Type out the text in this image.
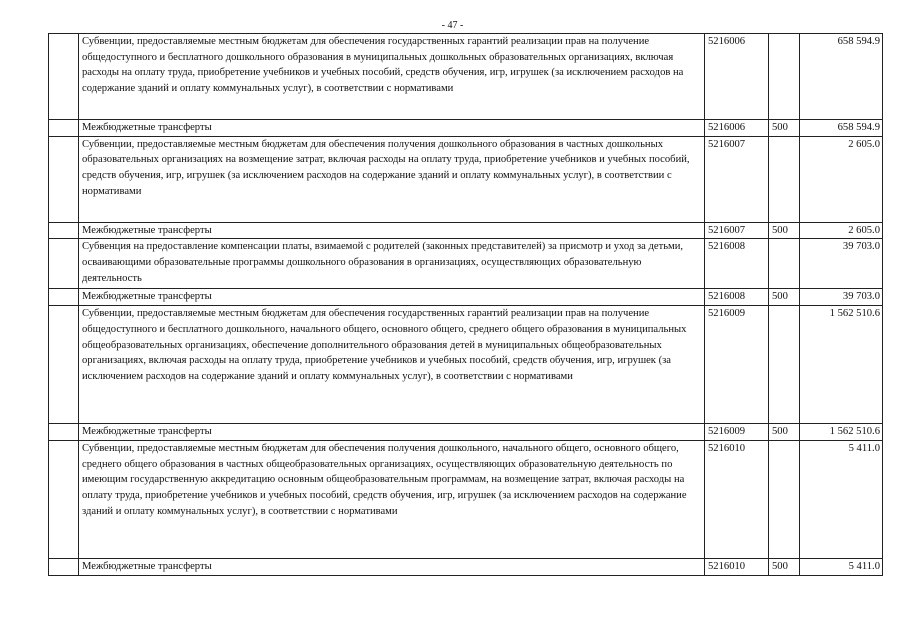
- 47 -

	Субвенции, предоставляемые местным бюджетам для обеспечения государственных гарантий реализации прав на получение общедоступного и бесплатного дошкольного образования в муниципальных дошкольных образовательных организациях, включая расходы на оплату труда, приобретение учебников и учебных пособий, средств обучения, игр, игрушек (за исключением расходов на содержание зданий и оплату коммунальных услуг), в соответствии с нормативами	5216006		658 594.9

	Межбюджетные трансферты	5216006	500	658 594.9

	Субвенции, предоставляемые местным бюджетам для обеспечения получения дошкольного образования в частных дошкольных образовательных организациях на возмещение затрат, включая расходы на оплату труда, приобретение учебников и учебных пособий, средств обучения, игр, игрушек (за исключением расходов на содержание зданий и оплату коммунальных услуг), в соответствии с нормативами	5216007		2 605.0

	Межбюджетные трансферты	5216007	500	2 605.0

	Субвенция на предоставление компенсации платы, взимаемой с родителей (законных представителей) за присмотр и уход за детьми, осваивающими образовательные программы дошкольного образования в организациях, осуществляющих образовательную деятельность	5216008		39 703.0

	Межбюджетные трансферты	5216008	500	39 703.0

	Субвенции, предоставляемые местным бюджетам для обеспечения государственных гарантий реализации прав на получение общедоступного и бесплатного дошкольного, начального общего, основного общего, среднего общего образования в муниципальных общеобразовательных организациях, обеспечение дополнительного образования детей в муниципальных общеобразовательных организациях, включая расходы на оплату труда, приобретение учебников и учебных пособий, средств обучения, игр, игрушек (за исключением расходов на содержание зданий и оплату коммунальных услуг), в соответствии с нормативами	5216009		1 562 510.6

	Межбюджетные трансферты	5216009	500	1 562 510.6

	Субвенции, предоставляемые местным бюджетам для обеспечения получения дошкольного, начального общего, основного общего, среднего общего образования в частных общеобразовательных организациях, осуществляющих образовательную деятельность по имеющим государственную аккредитацию основным общеобразовательным программам, на возмещение затрат, включая расходы на оплату труда, приобретение учебников и учебных пособий, средств обучения, игр, игрушек (за исключением расходов на содержание зданий и оплату коммунальных услуг), в соответствии с нормативами	5216010		5 411.0

	Межбюджетные трансферты	5216010	500	5 411.0
